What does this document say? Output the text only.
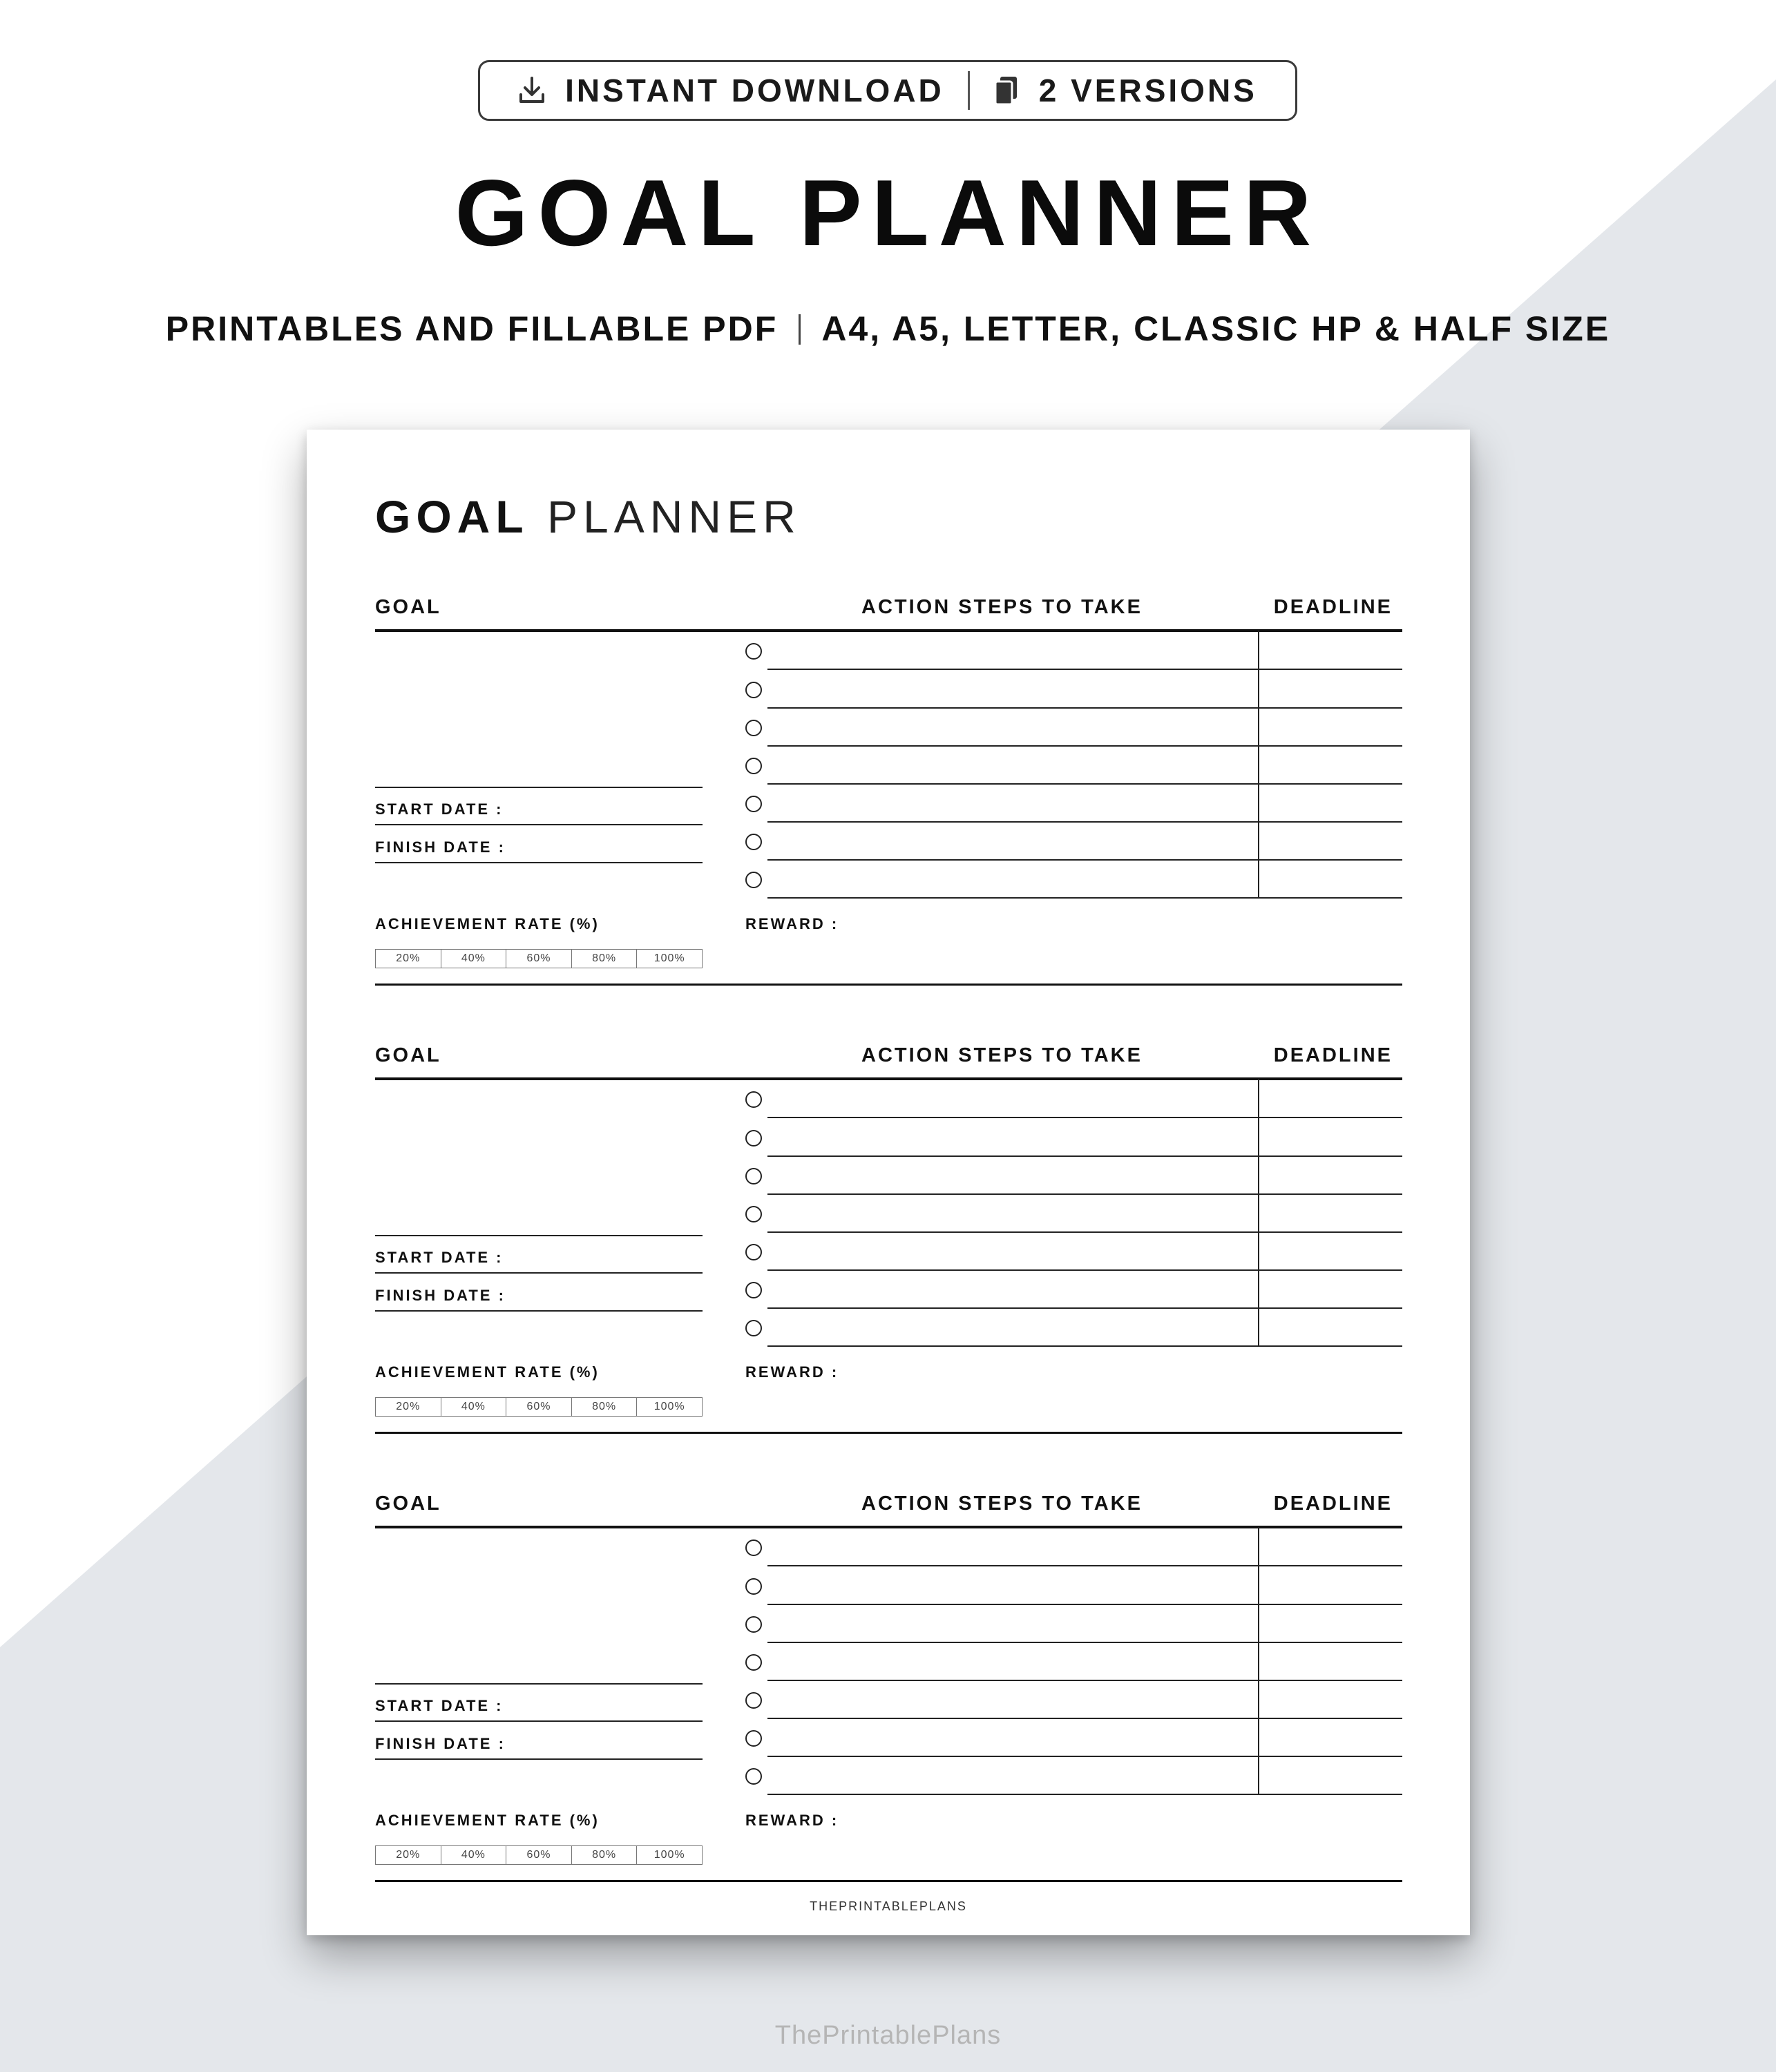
INSTANT DOWNLOAD	2 VERSIONS
GOAL PLANNER
PRINTABLES AND FILLABLE PDF A4, A5, LETTER, CLASSIC HP & HALF SIZE
GOAL PLANNER
GOAL	ACTION STEPS TO TAKE	DEADLINE
START DATE :
FINISH DATE :
ACHIEVEMENT RATE (%)	REWARD :
20%	40%	60%	80%	100%
GOAL	ACTION STEPS TO TAKE	DEADLINE
START DATE :
FINISH DATE :
ACHIEVEMENT RATE (%)	REWARD :
20%	40%	60%	80%	100%
GOAL	ACTION STEPS TO TAKE	DEADLINE
START DATE :
FINISH DATE :
ACHIEVEMENT RATE (%)	REWARD :
20%	40%	60%	80%	100%
THEPRINTABLEPLANS
ThePrintablePlans
